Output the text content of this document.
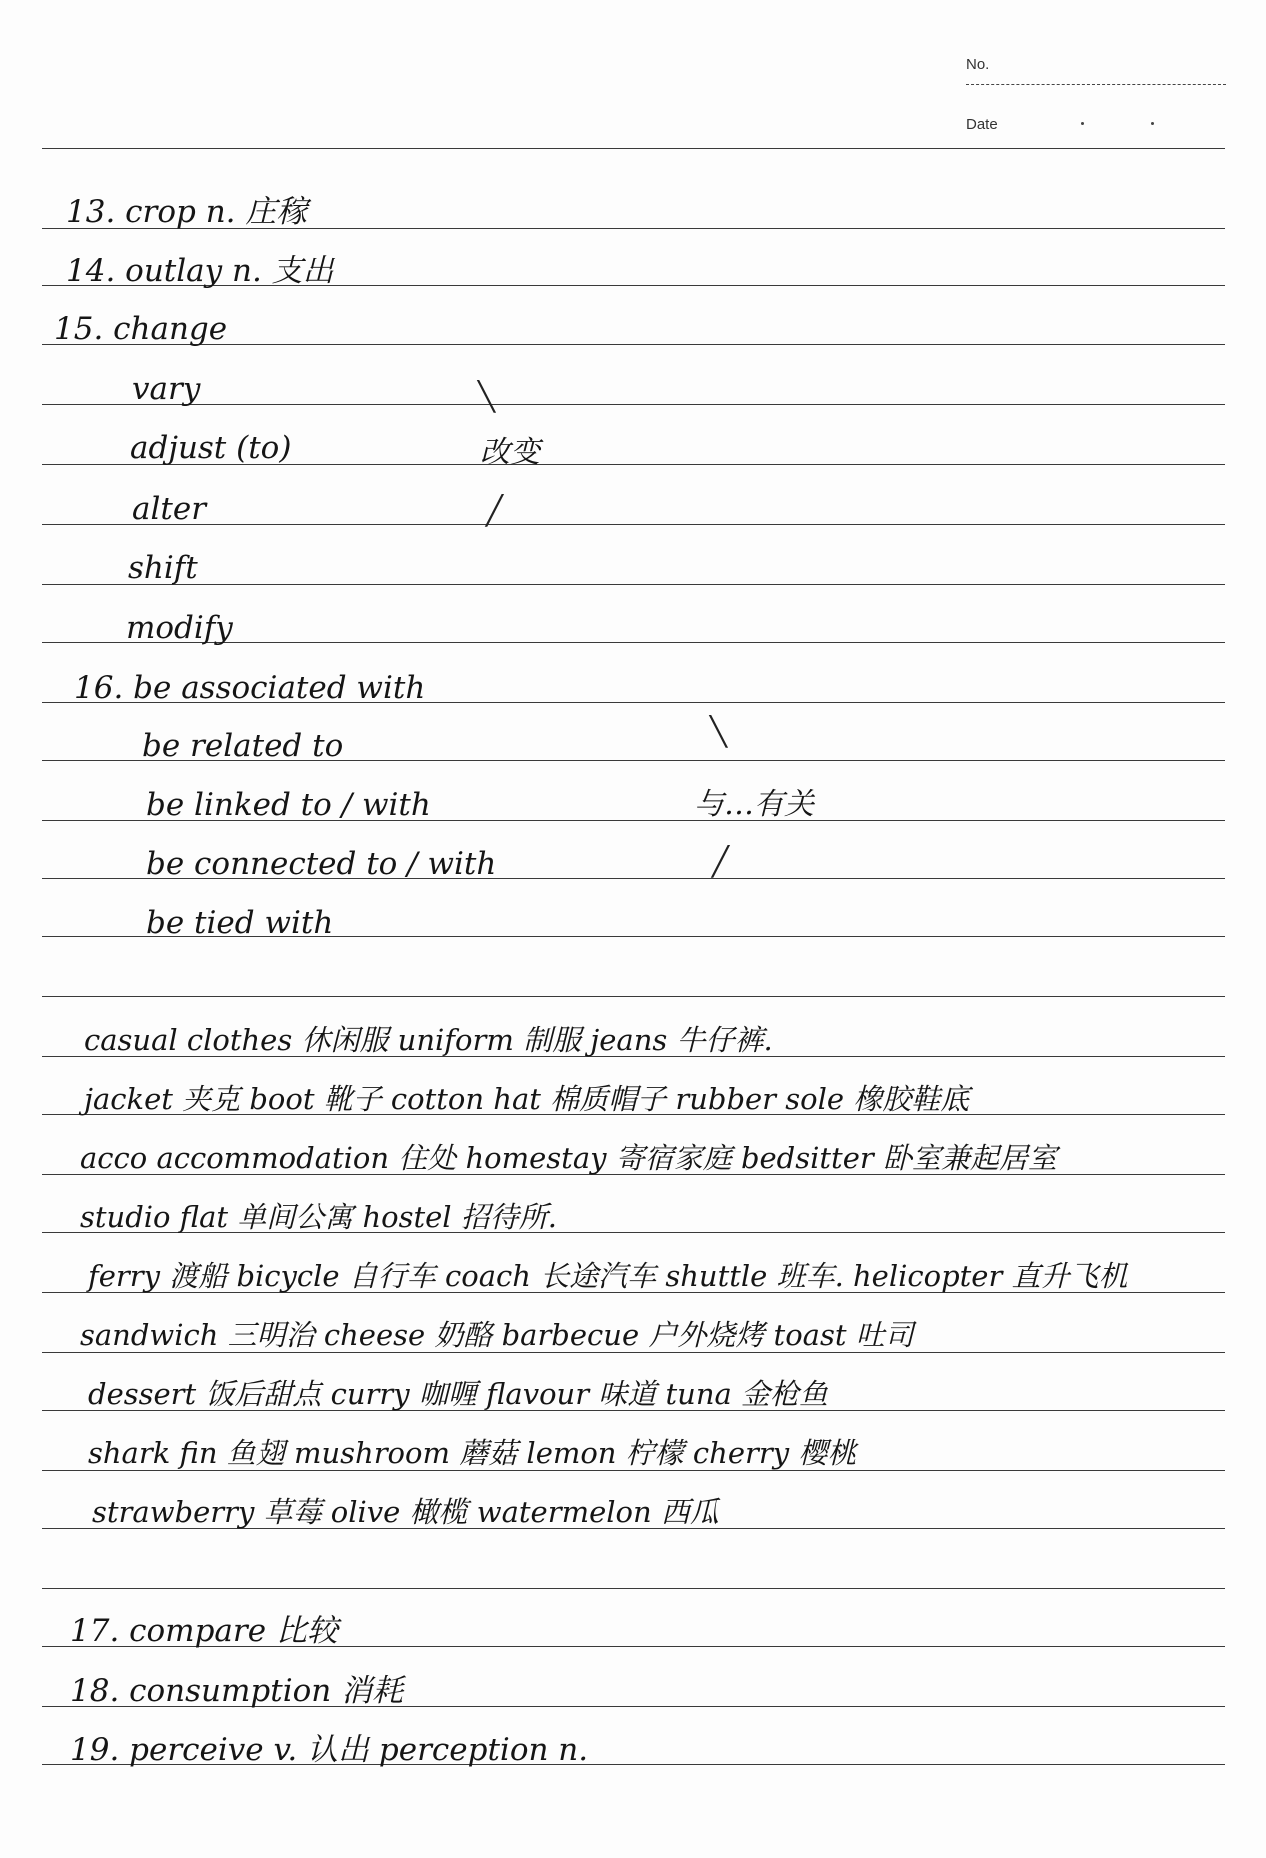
No.
Date
13. crop n. 庄稼
14. outlay n. 支出
15. change
vary
adjust (to)
alter
shift
modify
╲
改变
╱
16. be associated with
be related to
be linked to / with
be connected to / with
be tied with
╲
与…有关
╱
casual clothes 休闲服 uniform 制服 jeans 牛仔裤.
jacket 夹克 boot 靴子 cotton hat 棉质帽子 rubber sole 橡胶鞋底
acco accommodation 住处 homestay 寄宿家庭 bedsitter 卧室兼起居室
studio flat 单间公寓 hostel 招待所.
ferry 渡船 bicycle 自行车 coach 长途汽车 shuttle 班车. helicopter 直升飞机
sandwich 三明治 cheese 奶酪 barbecue 户外烧烤 toast 吐司
dessert 饭后甜点 curry 咖喱 flavour 味道 tuna 金枪鱼
shark fin 鱼翅 mushroom 蘑菇 lemon 柠檬 cherry 樱桃
strawberry 草莓 olive 橄榄 watermelon 西瓜
17. compare 比较
18. consumption 消耗
19. perceive v. 认出 perception n.
